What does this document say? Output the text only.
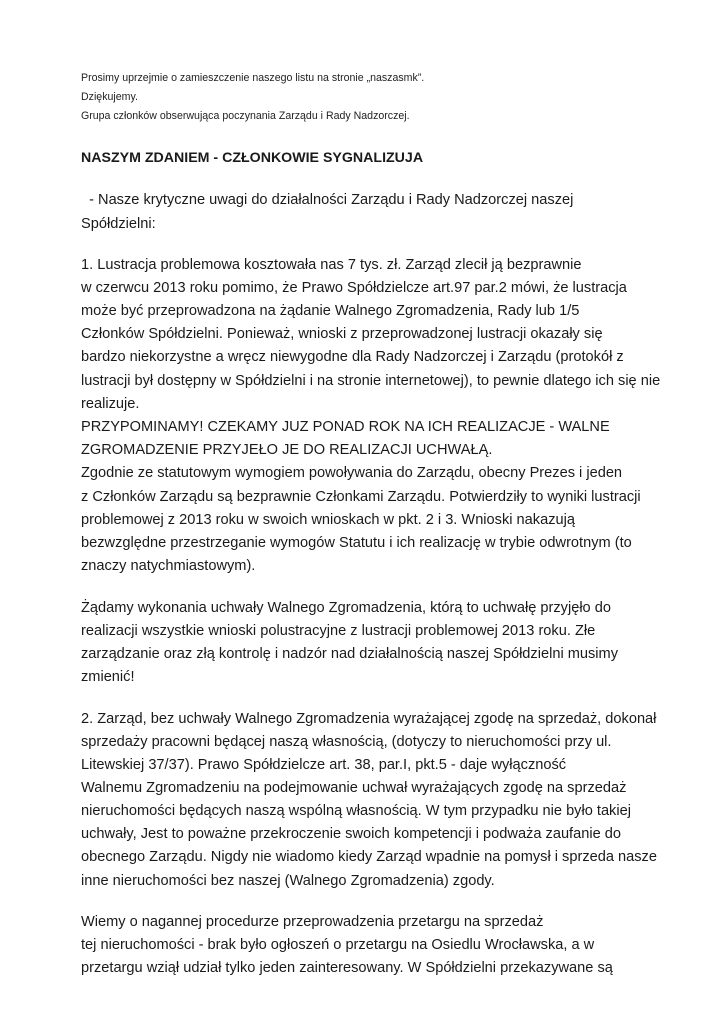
Prosimy uprzejmie o zamieszczenie naszego listu na stronie „naszasmk”.
Dziękujemy.
Grupa członków obserwująca poczynania Zarządu i Rady Nadzorczej.
NASZYM ZDANIEM - CZŁONKOWIE SYGNALIZUJA
- Nasze krytyczne uwagi do działalności Zarządu i Rady Nadzorczej naszej
Spółdzielni:
1. Lustracja problemowa kosztowała nas 7 tys. zł. Zarząd zlecił ją bezprawnie
w czerwcu 2013 roku pomimo, że Prawo Spółdzielcze art.97 par.2 mówi, że lustracja
może być przeprowadzona na żądanie Walnego Zgromadzenia, Rady lub 1/5
Członków Spółdzielni. Ponieważ, wnioski z przeprowadzonej lustracji okazały się
bardzo niekorzystne a wręcz niewygodne dla Rady Nadzorczej i Zarządu (protokół z
lustracji był dostępny w Spółdzielni i na stronie internetowej), to pewnie dlatego ich się nie
realizuje.
PRZYPOMINAMY! CZEKAMY JUZ PONAD ROK NA ICH REALIZACJE - WALNE
ZGROMADZENIE PRZYJEŁO JE DO REALIZACJI UCHWAŁĄ.
Zgodnie ze statutowym wymogiem powoływania do Zarządu, obecny Prezes i jeden
z Członków Zarządu są bezprawnie Członkami Zarządu. Potwierdziły to wyniki lustracji
problemowej z 2013 roku w swoich wnioskach w pkt. 2 i 3. Wnioski nakazują
bezwzględne przestrzeganie wymogów Statutu i ich realizację w trybie odwrotnym (to
znaczy natychmiastowym).
Żądamy wykonania uchwały Walnego Zgromadzenia, którą to uchwałę przyjęło do
realizacji wszystkie wnioski polustracyjne z lustracji problemowej 2013 roku. Złe
zarządzanie oraz złą kontrolę i nadzór nad działalnością naszej Spółdzielni musimy
zmienić!
2. Zarząd, bez uchwały Walnego Zgromadzenia wyrażającej zgodę na sprzedaż, dokonał
sprzedaży pracowni będącej naszą własnością, (dotyczy to nieruchomości przy ul.
Litewskiej 37/37). Prawo Spółdzielcze art. 38, par.I, pkt.5 - daje wyłączność
Walnemu Zgromadzeniu na podejmowanie uchwał wyrażających zgodę na sprzedaż
nieruchomości będących naszą wspólną własnością. W tym przypadku nie było takiej
uchwały, Jest to poważne przekroczenie swoich kompetencji i podważa zaufanie do
obecnego Zarządu. Nigdy nie wiadomo kiedy Zarząd wpadnie na pomysł i sprzeda nasze
inne nieruchomości bez naszej (Walnego Zgromadzenia) zgody.
Wiemy o nagannej procedurze przeprowadzenia przetargu na sprzedaż
tej nieruchomości - brak było ogłoszeń o przetargu na Osiedlu Wrocławska, a w
przetargu wziął udział tylko jeden zainteresowany. W Spółdzielni przekazywane są
